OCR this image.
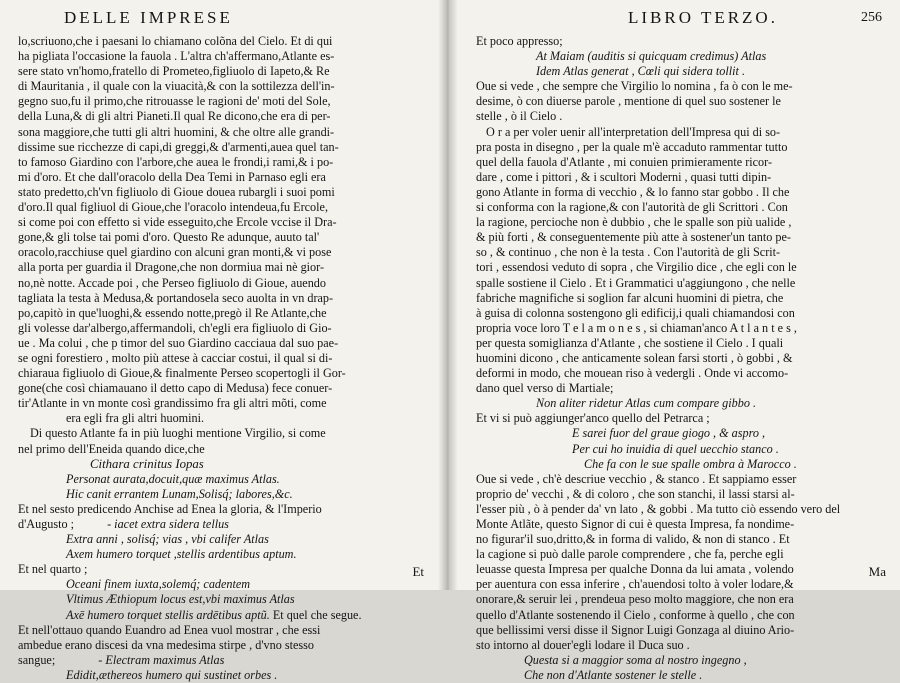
DELLE IMPRESE
lo,scriuono,che i paesani lo chiamano colõna del Cielo. Et di qui
ha pigliata l'occasione la fauola . L'altra ch'affermano,Atlante es-
sere stato vn'homo,fratello di Prometeo,figliuolo di Iapeto,& Re
di Mauritania , il quale con la viuacità,& con la sottilezza dell'in-
gegno suo,fu il primo,che ritrouasse le ragioni de' moti del Sole,
della Luna,& di gli altri Pianeti.Il qual Re dicono,che era di per-
sona maggiore,che tutti gli altri huomini, & che oltre alle grandi-
dissime sue ricchezze di capi,di greggi,& d'armenti,aueа quel tan-
to famoso Giardino con l'arbore,che aueа le frondi,i rami,& i po-
mi d'oro. Et che dall'oracolo della Dea Temi in Parnaso egli era
stato predetto,ch'vn figliuolo di Gioue douea rubargli i suoi pomi
d'oro.Il qual figliuol di Gioue,che l'oracolo intendeua,fu Ercole,
si come poi con effetto si vide esseguito,che Ercole vccise il Dra-
gone,& gli tolse tai pomi d'oro. Questo Re adunque, auuto tal'
oracolo,racchiuse quel giardino con alcuni gran monti,& vi pose
alla porta per guardia il Dragone,che non dormiua mai nè gior-
no,nè notte. Accade poi , che Perseo figliuolo di Gioue, auendo
tagliata la testa à Medusa,& portandosela seco auolta in vn drap-
po,capitò in que'luoghi,& essendo notte,pregò il Re Atlante,che
gli volesse dar'albergo,affermandoli, ch'egli era figliuolo di Gio-
ue . Ma colui , che p timor del suo Giardino cacciaua dal suo pae-
se ogni forestiero , molto più attese à cacciar costui, il qual si di-
chiaraua figliuolo di Gioue,& finalmente Perseo scopertogli il Gor-
gone(che così chiamauano il detto capo di Medusa) fece conuer-
tir'Atlante in vn monte così grandissimo fra gli altri mõti, come
era egli fra gli altri huomini.
Di questo Atlante fa in più luoghi mentione Virgilio, si come
nel primo dell'Eneida quando dice,che
Cithara crinitus Iopas
Personat aurata,docuit,quæ maximus Atlas.
Hic canit errantem Lunam,Solisq́; labores,&c.
Et nel sesto predicendo Anchise ad Enea la gloria, & l'Imperio
d'Augusto ;	- iacet extra sidera tellus
Extra anni , solisq́; vias , vbi califer Atlas
Axem humero torquet ,stellis ardentibus aptum.
Et nel quarto ;
Oceani finem iuxta,solemq́; cadentem
Vltimus Æthiopum locus est,vbi maximus Atlas
Axē humero torquet stellis ardētibus aptũ. Et quel che segue.
Et nell'ottauo quando Euandro ad Enea vuol mostrar , che essi
ambedue erano discesi da vna medesima stirpe , d'vno stesso
sangue;	- Electram maximus Atlas
Edidit,æthereos humero qui sustinet orbes .
Et
LIBRO TERZO.	256
Et poco appresso;
At Maiam (auditis si quicquam credimus) Atlas
Idem Atlas generat , Cœli qui sidera tollit .
Oue si vede , che sempre che Virgilio lo nomina , fa ò con le me-
desime, ò con diuerse parole , mentione di quel suo sostener le
stelle , ò il Cielo .
O r a per voler uenir all'interpretation dell'Impresa qui di so-
pra posta in disegno , per la quale m'è accaduto rammentar tutto
quel della fauola d'Atlante , mi conuien primieramente ricor-
dare , come i pittori , & i scultori Moderni , quasi tutti dipin-
gono Atlante in forma di vecchio , & lo fanno star gobbo . Il che
si conforma con la ragione,& con l'autorità de gli Scrittori . Con
la ragione, percioche non è dubbio , che le spalle son più ualide ,
& più forti , & conseguentemente più atte à sostener'un tanto pe-
so , & continuo , che non è la testa . Con l'autorità de gli Scrit-
tori , essendosi veduto di sopra , che Virgilio dice , che egli con le
spalle sostiene il Cielo . Et i Grammatici u'aggiungono , che nelle
fabriche magnifiche si soglion far alcuni huomini di pietra, che
à guisa di colonna sostengono gli edificij,i quali chiamandosi con
propria voce loro T e l a m o n e s , si chiaman'anco A t l a n t e s ,
per questa somiglianza d'Atlante , che sostiene il Cielo . I quali
huomini dicono , che anticamente solean farsi storti , ò gobbi , &
deformi in modo, che mouean riso à vedergli . Onde vi accomo-
dano quel verso di Martiale;
Non aliter ridetur Atlas cum compare gibbo .
Et vi si può aggiunger'anco quello del Petrarca ;
E sarei fuor del graue giogo , & aspro ,
Per cui ho inuidia di quel uecchio stanco .
Che fa con le sue spalle ombra à Marocco .
Oue si vede , ch'è descriue vecchio , & stanco . Et sappiamo esser
proprio de' vecchi , & di coloro , che son stanchi, il lassi starsi al-
l'esser più , ò à pender da' vn lato , & gobbi . Ma tutto ciò essendo vero del
Monte Atlãte, questo Signor di cui è questa Impresa, fa nondime-
no figurar'il suo,dritto,& in forma di valido, & non di stanco . Et
la cagione si può dalle parole comprendere , che fa, perche egli
leuasse questa Impresa per qualche Donna da lui amata , volendo
per auentura con essa inferire , ch'auendosi tolto à voler lodare,&
onorare,& seruir lei , prendeua peso molto maggiore, che non era
quello d'Atlante sostenendo il Cielo , conforme à quello , che con
que bellissimi versi disse il Signor Luigi Gonzaga al diuino Ario-
sto intorno al douer'egli lodare il Duca suo .
Questa si a maggior soma al nostro ingegno ,
Che non d'Atlante sostener le stelle .
Ma
